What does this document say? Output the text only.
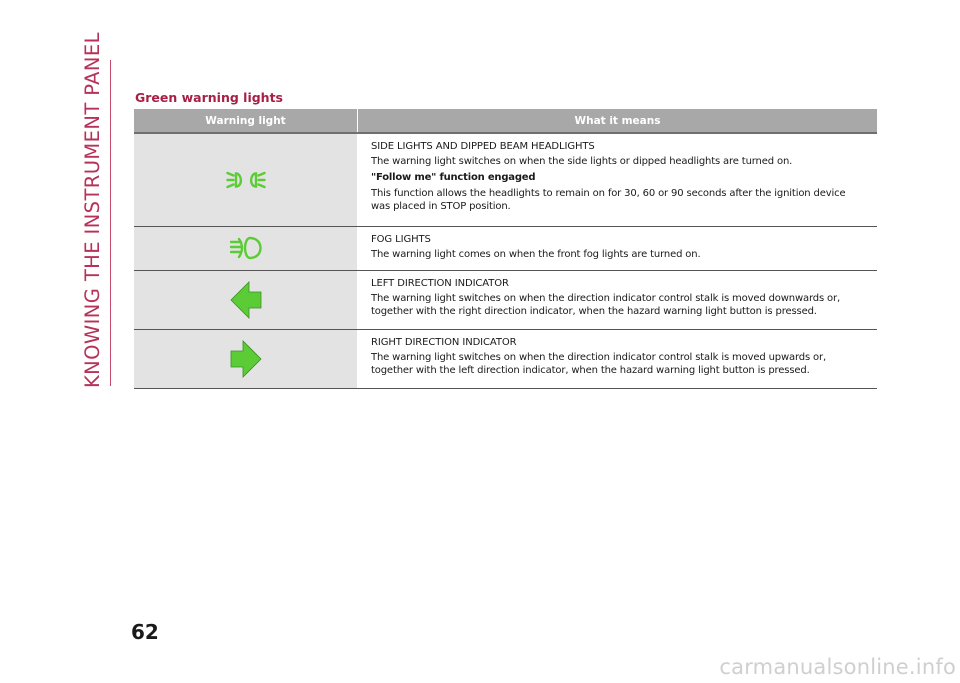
KNOWING THE INSTRUMENT PANEL Green warning lights
Warning light	What it means
SIDE LIGHTS AND DIPPED BEAM HEADLIGHTS
The warning light switches on when the side lights or dipped headlights are turned on.
"Follow me" function engaged
This function allows the headlights to remain on for 30, 60 or 90 seconds after the ignition device was placed in STOP position.
FOG LIGHTS
The warning light comes on when the front fog lights are turned on.
LEFT DIRECTION INDICATOR
The warning light switches on when the direction indicator control stalk is moved downwards or, together with the right direction indicator, when the hazard warning light button is pressed.
RIGHT DIRECTION INDICATOR
The warning light switches on when the direction indicator control stalk is moved upwards or, together with the left direction indicator, when the hazard warning light button is pressed.
62
carmanualsonline.info
